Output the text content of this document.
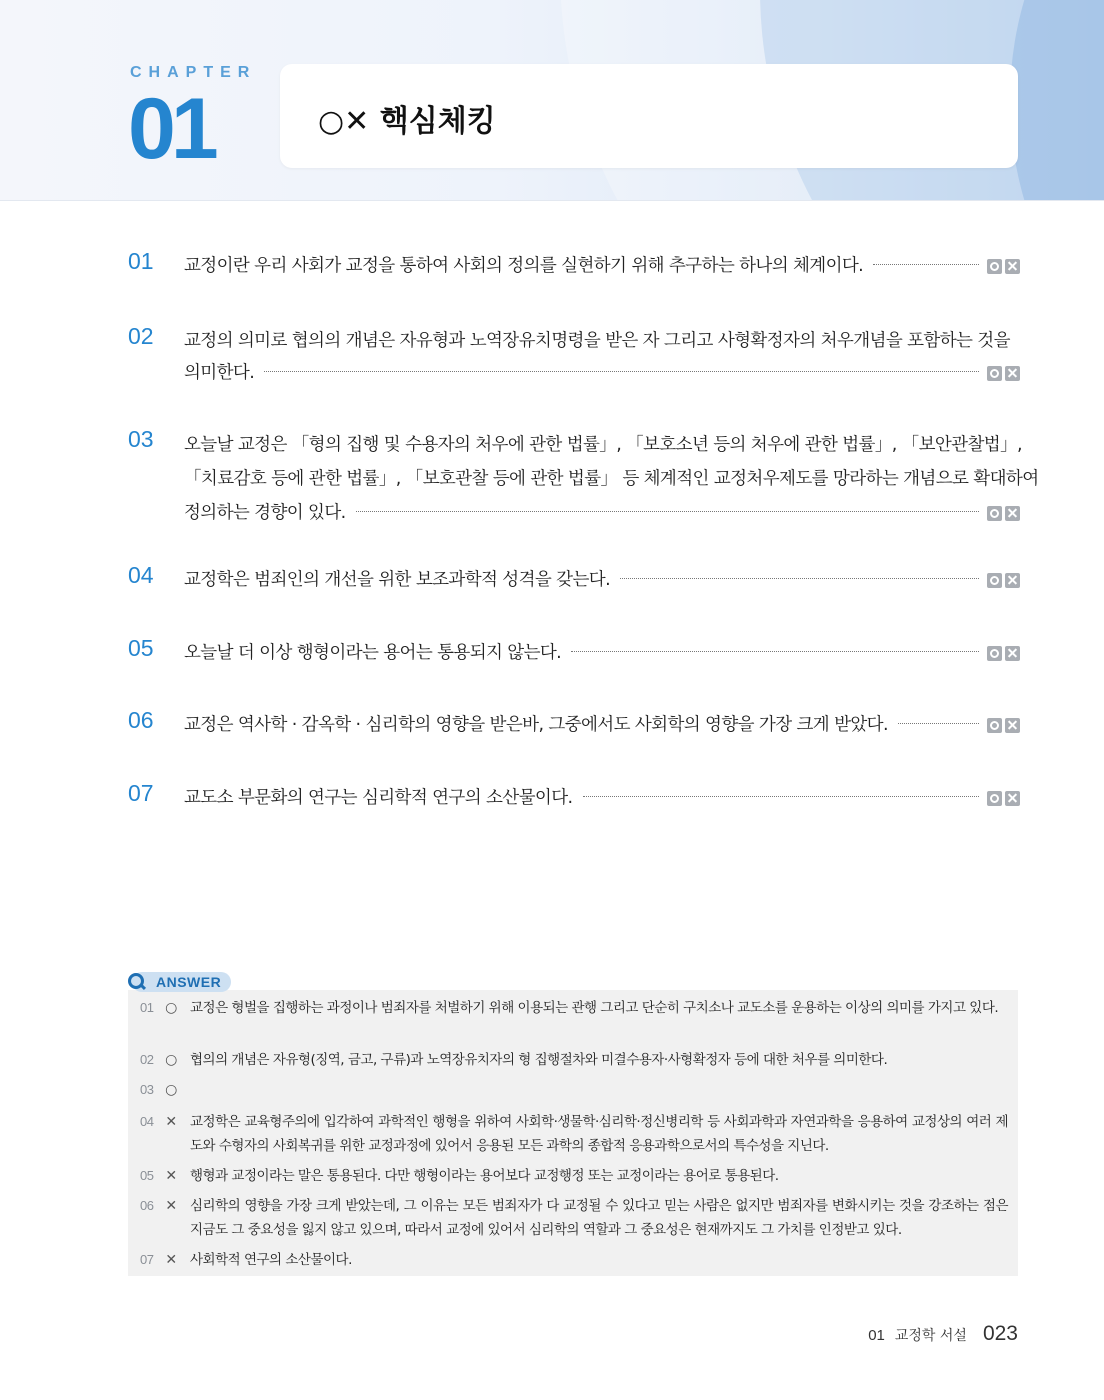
CHAPTER
01	○✕ 핵심체킹
01 교정이란 우리 사회가 교정을 통하여 사회의 정의를 실현하기 위해 추구하는 하나의 체계이다.
02 교정의 의미로 협의의 개념은 자유형과 노역장유치명령을 받은 자 그리고 사형확정자의 처우개념을 포함하는 것을
의미한다.
03 오늘날 교정은 「형의 집행 및 수용자의 처우에 관한 법률」, 「보호소년 등의 처우에 관한 법률」, 「보안관찰법」,
「치료감호 등에 관한 법률」, 「보호관찰 등에 관한 법률」 등 체계적인 교정처우제도를 망라하는 개념으로 확대하여
정의하는 경향이 있다.
04 교정학은 범죄인의 개선을 위한 보조과학적 성격을 갖는다.
05 오늘날 더 이상 행형이라는 용어는 통용되지 않는다.
06 교정은 역사학 · 감옥학 · 심리학의 영향을 받은바, 그중에서도 사회학의 영향을 가장 크게 받았다.
07 교도소 부문화의 연구는 심리학적 연구의 소산물이다.
01 ○ 교정은 형벌을 집행하는 과정이나 범죄자를 처벌하기 위해 이용되는 관행 그리고 단순히 구치소나 교도소를 운용하는 이상의 의미를 가지고 있다.
02 ○ 협의의 개념은 자유형(징역, 금고, 구류)과 노역장유치자의 형 집행절차와 미결수용자·사형확정자 등에 대한 처우를 의미한다.
03 ○
04 ✕ 교정학은 교육형주의에 입각하여 과학적인 행형을 위하여 사회학·생물학·심리학·정신병리학 등 사회과학과 자연과학을 응용하여 교정상의 여러 제도와 수형자의 사회복귀를 위한 교정과정에 있어서 응용된 모든 과학의 종합적 응용과학으로서의 특수성을 지닌다.
05 ✕ 행형과 교정이라는 말은 통용된다. 다만 행형이라는 용어보다 교정행정 또는 교정이라는 용어로 통용된다.
06 ✕ 심리학의 영향을 가장 크게 받았는데, 그 이유는 모든 범죄자가 다 교정될 수 있다고 믿는 사람은 없지만 범죄자를 변화시키는 것을 강조하는 점은 지금도 그 중요성을 잃지 않고 있으며, 따라서 교정에 있어서 심리학의 역할과 그 중요성은 현재까지도 그 가치를 인정받고 있다.
07 ✕ 사회학적 연구의 소산물이다.
ANSWER
01 교정학 서설 023
